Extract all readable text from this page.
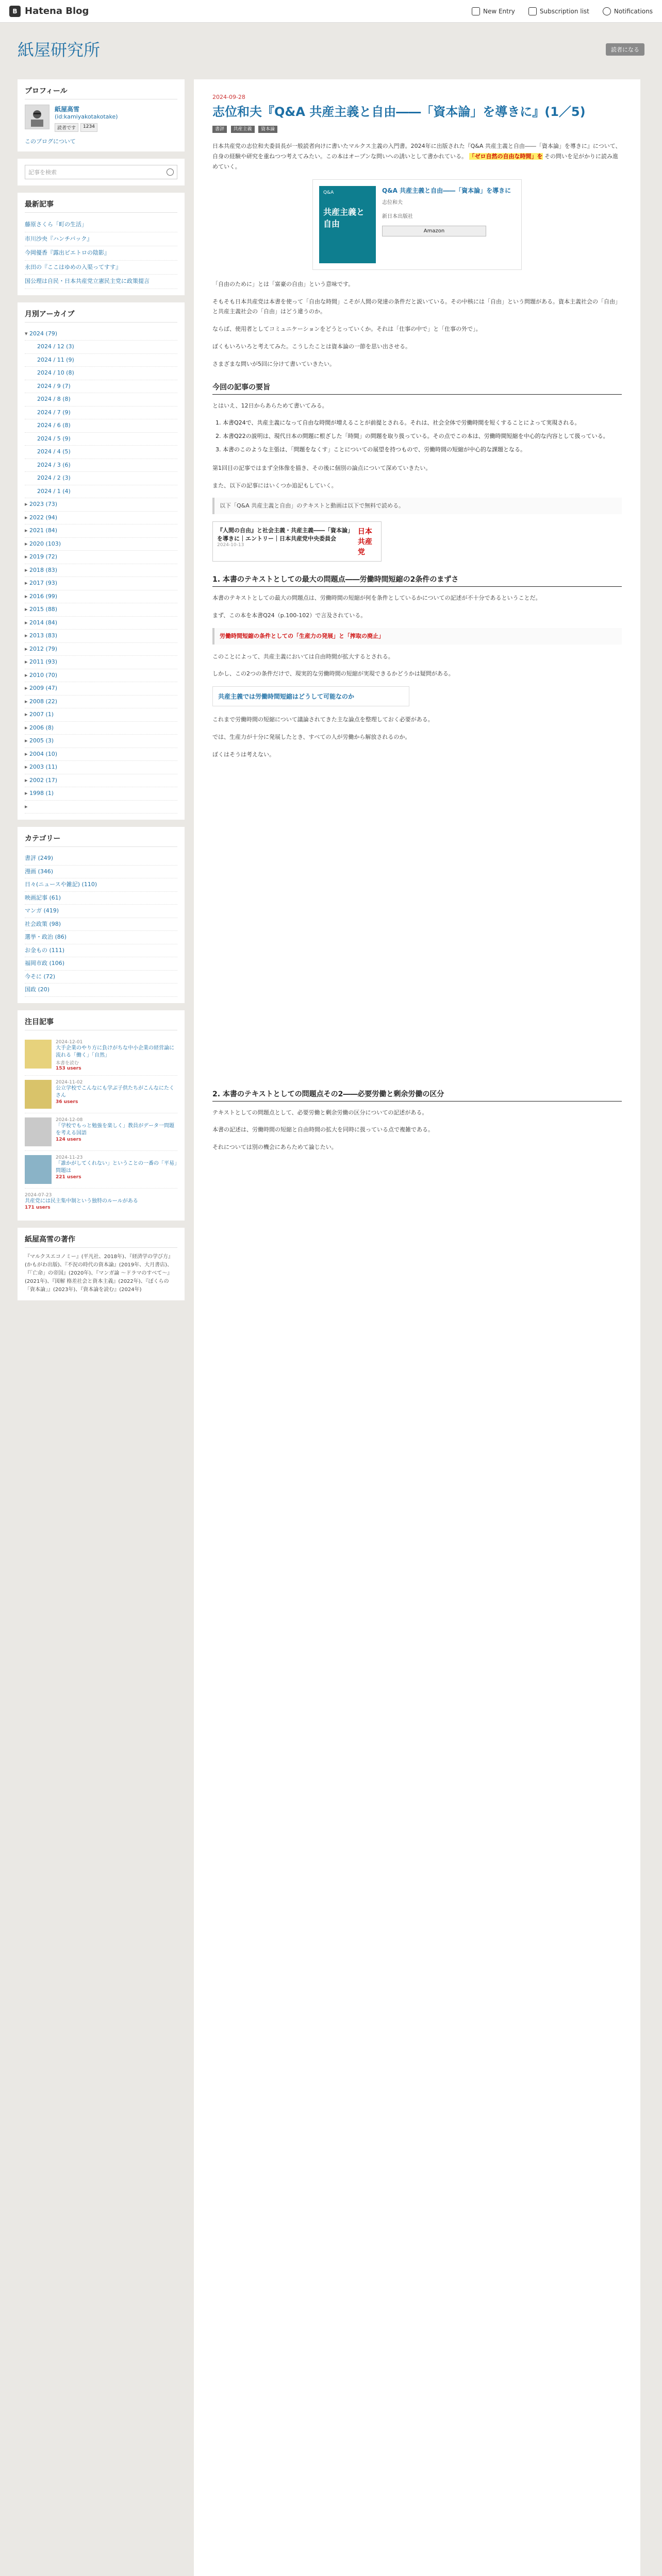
B Hatena Blog	New Entry	Subscription list	Notifications
紙屋研究所	読者になる
プロフィール
紙屋高雪
(id:kamiyakotakotake)
読者です	1234
このブログについて
記事を検索
最新記事
藤原さくら「町の生活」
市川沙央『ハンチバック』
今岡優香『露出ピエトロの陰影』
永田の『ここはゆめの入渠ってすす』
国公理は自民・日本共産党立憲民主党に政策提言
月別アーカイブ
▾ 2024 (79)
2024 / 12 (3)
2024 / 11 (9)
2024 / 10 (8)
2024 / 9 (7)
2024 / 8 (8)
2024 / 7 (9)
2024 / 6 (8)
2024 / 5 (9)
2024 / 4 (5)
2024 / 3 (6)
2024 / 2 (3)
2024 / 1 (4)
▸ 2023 (73)
▸ 2022 (94)
▸ 2021 (84)
▸ 2020 (103)
▸ 2019 (72)
▸ 2018 (83)
▸ 2017 (93)
▸ 2016 (99)
▸ 2015 (88)
▸ 2014 (84)
▸ 2013 (83)
▸ 2012 (79)
▸ 2011 (93)
▸ 2010 (70)
▸ 2009 (47)
▸ 2008 (22)
▸ 2007 (1)
▸ 2006 (8)
▸ 2005 (3)
▸ 2004 (10)
▸ 2003 (11)
▸ 2002 (17)
▸ 1998 (1)
▸
カテゴリー
書評 (249)
漫画 (346)
日々(ニュースや雑記) (110)
映画記事 (61)
マンガ (419)
社会政策 (98)
選挙・政治 (86)
お金もの (111)
福岡市政 (106)
今そに (72)
国政 (20)
注目記事
2024-12-01
大手企業のやり方に負けがちな中小企業の経営論に流れる「働く」「自然」
本書を読む
153 users
2024-11-02
公立学校でこんなにも学ぶ子供たちがこんなにたくさん
36 users
2024-12-08
「学校でもっと勉強を楽しく」教員がデータ一問題を考える国語
124 users
2024-11-23
「誰かがしてくれない」ということの一番の「平易」問題は
221 users
2024-07-23
共産党には民主集中制という独特のルールがある
171 users
紙屋高雪の著作

『マルクスエコノミー』(平凡社、2018年)、『経済学の学び方』(かもがわ出版)、『不況の時代の資本論』(2019年、大月書店)、『「亡命」の帝国』(2020年)、『マンガ論 〜ドラマのすべて〜』(2021年)、『図解 格差社会と資本主義』(2022年)、『ぼくらの「資本論」』(2023年)、『資本論を読む』(2024年)

2024-09-28
志位和夫『Q&A 共産主義と自由――「資本論」を導きに』(1／5)
書評 共産主義 資本論

日本共産党の志位和夫委員長が一般読者向けに書いたマルクス主義の入門書。2024年に出版された『Q&A 共産主義と自由――「資本論」を導きに』について、自身の経験や研究を重ねつつ考えてみたい。この本はオープンな問いへの誘いとして書かれている。 「ゼロ自然の自由な時間」を その問いを足がかりに読み進めていく。

Q&A
共産主義と自由
Q&A 共産主義と自由――「資本論」を導きに
志位和夫
新日本出版社
Amazon

「自由のために」とは「富豪の自由」という意味です。

そもそも日本共産党は本書を使って「自由な時間」こそが人間の発達の条件だと説いている。その中核には「自由」という問題がある。資本主義社会の「自由」と共産主義社会の「自由」はどう違うのか。

ならば、使用者としてコミュニケーションをどうとっていくか。それは「仕事の中で」と「仕事の外で」。

ぼくもいろいろと考えてみた。こうしたことは資本論の一節を思い出させる。

さまざまな問いが5回に分けて書いていきたい。

今回の記事の要旨

とはいえ、12日からあらためて書いてみる。

1. 本書Q24で、共産主義になって自由な時間が増えることが前提とされる。それは、社会全体で労働時間を短くすることによって実現される。
2. 本書Q22の説明は、現代日本の問題に根ざした「時間」の問題を取り扱っている。その点でこの本は、労働時間短縮を中心的な内容として扱っている。
3. 本書のこのような主張は、「問題をなくす」ことについての展望を持つもので、労働時間の短縮が中心的な課題となる。

第1回目の記事ではまず全体像を描き、その後に個別の論点について深めていきたい。

また、以下の記事にはいくつか追記もしていく。

以下「Q&A 共産主義と自由」のテキストと動画は以下で無料で読める。
『人間の自由』と社会主義・共産主義――「資本論」を導きに｜エントリー｜日本共産党中央委員会
2024-10-13
日本共産党
1. 本書のテキストとしての最大の問題点――労働時間短縮の2条件のまずさ

本書のテキストとしての最大の問題点は、労働時間の短縮が何を条件としているかについての記述が不十分であるということだ。

まず、この本を本書Q24（p.100-102）で言及されている。

労働時間短縮の条件としての「生産力の発展」と「搾取の廃止」

このことによって、共産主義においては自由時間が拡大するとされる。

しかし、この2つの条件だけで、現実的な労働時間の短縮が実現できるかどうかは疑問がある。

共産主義では労働時間短縮はどうして可能なのか

これまで労働時間の短縮について議論されてきた主な論点を整理しておく必要がある。

では、生産力が十分に発展したとき、すべての人が労働から解放されるのか。

ぼくはそうは考えない。

2. 本書のテキストとしての問題点その2――必要労働と剰余労働の区分

テキストとしての問題点として、必要労働と剰余労働の区分についての記述がある。

本書の記述は、労働時間の短縮と自由時間の拡大を同時に扱っている点で複雑である。

それについては別の機会にあらためて論じたい。
